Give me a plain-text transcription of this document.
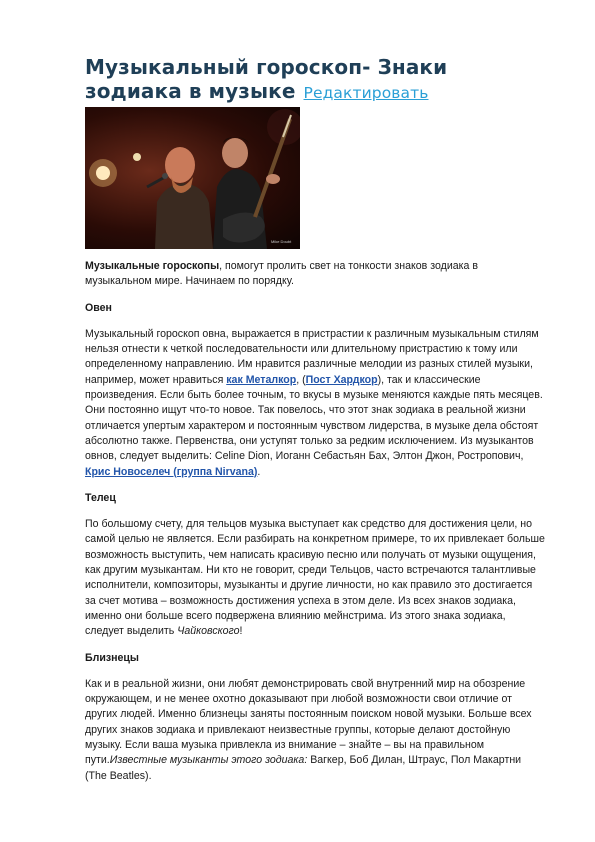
Музыкальный гороскоп- Знаки зодиака в музыке Редактировать
Mike Doubt

Музыкальные гороскопы, помогут пролить свет на тонкости знаков зодиака в музыкальном мире. Начинаем по порядку.

Овен

Музыкальный гороскоп овна, выражается в пристрастии к различным музыкальным стилям нельзя отнести к четкой последовательности или длительному пристрастию к тому или определенному направлению. Им нравится различные мелодии из разных стилей музыки, например, может нравиться как Металкор, (Пост Хардкор), так и классические произведения. Если быть более точным, то вкусы в музыке меняются каждые пять месяцев. Они постоянно ищут что-то новое. Так повелось, что этот знак зодиака в реальной жизни отличается упертым характером и постоянным чувством лидерства, в музыке дела обстоят абсолютно также. Первенства, они уступят только за редким исключением. Из музыкантов овнов, следует выделить: Celine Dion, Иоганн Себастьян Бах, Элтон Джон, Ростропович, Крис Новоселеч (группа Nirvana).

Телец

По большому счету, для тельцов музыка выступает как средство для достижения цели, но самой целью не является. Если разбирать на конкретном примере, то их привлекает больше возможность выступить, чем написать красивую песню или получать от музыки ощущения, как другим музыкантам. Ни кто не говорит, среди Тельцов, часто встречаются талантливые исполнители, композиторы, музыканты и другие личности, но как правило это достигается за счет мотива – возможность достижения успеха в этом деле. Из всех знаков зодиака, именно они больше всего подвержена влиянию мейнстрима. Из этого знака зодиака, следует выделить Чайковского!

Близнецы

Как и в реальной жизни, они любят демонстрировать свой внутренний мир на обозрение окружающем, и не менее охотно доказывают при любой возможности свои отличие от других людей. Именно близнецы заняты постоянным поиском новой музыки. Больше всех других знаков зодиака и привлекают неизвестные группы, которые делают достойную музыку. Если ваша музыка привлекла из внимание – знайте – вы на правильном пути.Известные музыканты этого зодиака: Вагкер, Боб Дилан, Штраус, Пол Макартни (The Beatles).
